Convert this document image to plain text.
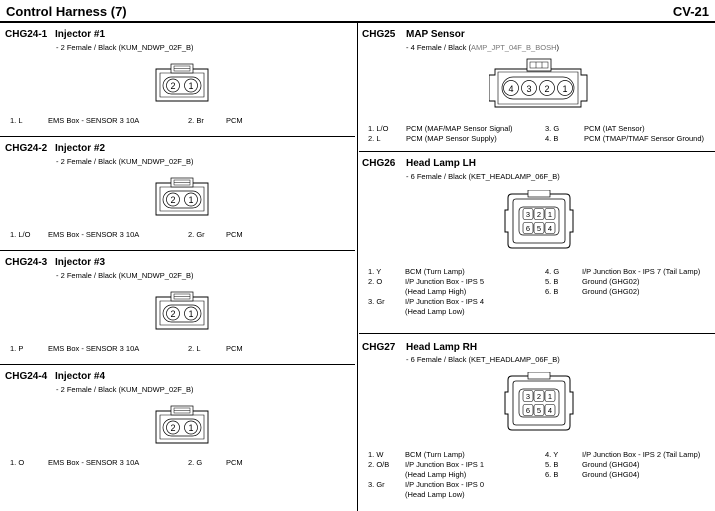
Control Harness (7)	CV-21
CHG24-1 Injector #1
- 2 Female / Black (KUM_NDWP_02F_B)
2 1
1. L	EMS Box - SENSOR 3 10A	2. Br	PCM
CHG24-2 Injector #2
- 2 Female / Black (KUM_NDWP_02F_B)
2 1
1. L/O EMS Box - SENSOR 3 10A	2. Gr	PCM
CHG24-3 Injector #3
- 2 Female / Black (KUM_NDWP_02F_B)
2 1
1. P	EMS Box - SENSOR 3 10A	2. L	PCM
CHG24-4 Injector #4
- 2 Female / Black (KUM_NDWP_02F_B)
2 1
1. O	EMS Box - SENSOR 3 10A	2. G	PCM
CHG25 MAP Sensor
- 4 Female / Black (AMP_JPT_04F_B_BOSH)
4 3 2 1
1. L/O PCM (MAF/MAP Sensor Signal)	3. G	PCM (IAT Sensor)
2. L	PCM (MAP Sensor Supply)	4. B	PCM (TMAP/TMAF Sensor Ground)
CHG26 Head Lamp LH
- 6 Female / Black (KET_HEADLAMP_06F_B)
3 2 1
6 5 4
1. Y	BCM (Turn Lamp)
2. O	I/P Junction Box - IPS 5
(Head Lamp High)
3. Gr	I/P Junction Box - IPS 4
(Head Lamp Low)
4. G	I/P Junction Box - IPS 7 (Tail Lamp)
5. B	Ground (GHG02)
6. B	Ground (GHG02)
CHG27 Head Lamp RH
- 6 Female / Black (KET_HEADLAMP_06F_B)
3 2 1
6 5 4
1. W	BCM (Turn Lamp)
2. O/B I/P Junction Box - IPS 1
(Head Lamp High)
3. Gr	I/P Junction Box - IPS 0
(Head Lamp Low)
4. Y	I/P Junction Box - IPS 2 (Tail Lamp)
5. B	Ground (GHG04)
6. B	Ground (GHG04)
